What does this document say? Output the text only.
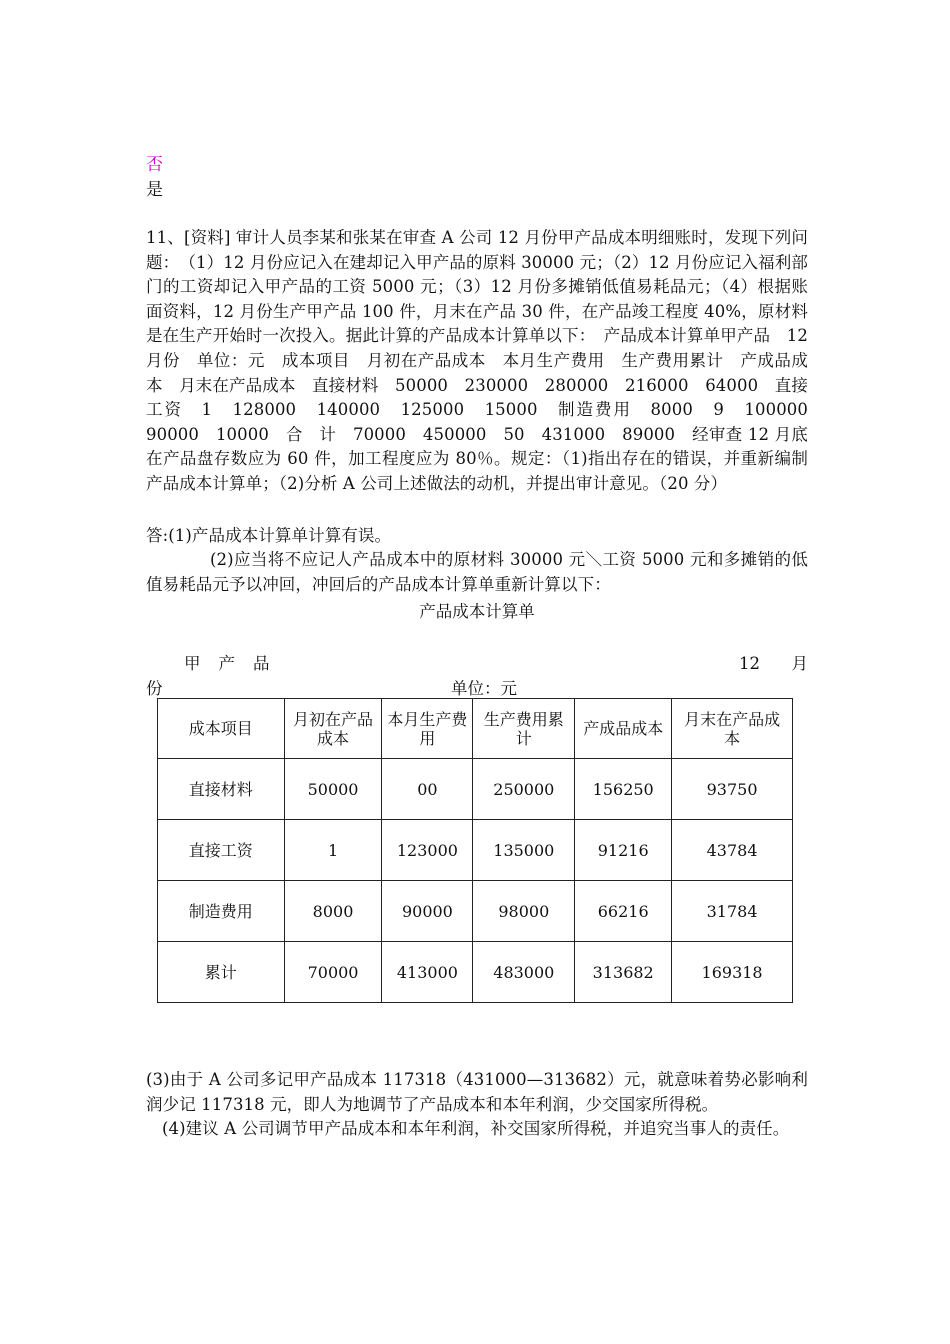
否
是
11、[资料] 审计人员李某和张某在审查 A 公司 12 月份甲产品成本明细账时，发现下列问题：　（1）12 月份应记入在建却记入甲产品的原料 30000 元；（2）12 月份应记入福利部门的工资却记入甲产品的工资 5000 元；（3）12 月份多摊销低值易耗品元；（4）根据账面资料，12 月份生产甲产品 100 件，月末在产品 30 件，在产品竣工程度 40%，原材料是在生产开始时一次投入。据此计算的产品成本计算单以下：　产品成本计算单甲产品　12 月份　单位：元　成本项目　月初在产品成本　本月生产费用　生产费用累计　产成品成本　月末在产品成本　直接材料　50000　230000　280000　216000　64000　直接工资　1　128000　140000　125000　15000　制造费用　8000　9　100000　90000　10000　合　计　70000　450000　50　431000　89000　经审查 12 月底在产品盘存数应为 60 件，加工程度应为 80％。规定：（1)指出存在的错误，并重新编制产品成本计算单；（2)分析 A 公司上述做法的动机，并提出审计意见。（20 分）
答:(1)产品成本计算单计算有误。
(2)应当将不应记人产品成本中的原材料 30000 元＼工资 5000 元和多摊销的低值易耗品元予以冲回，冲回后的产品成本计算单重新计算以下：
产品成本计算单
甲产品	12 月
份	单位：元
成本项目	月初在产品成本	本月生产费用	生产费用累计	产成品成本	月末在产品成本
直接材料	50000	00	250000	156250	93750
直接工资	1	123000	135000	91216	43784
制造费用	8000	90000	98000	66216	31784
累计	70000	413000	483000	313682	169318
(3)由于 A 公司多记甲产品成本 117318（431000—313682）元，就意味着势必影响利润少记 117318 元，即人为地调节了产品成本和本年利润，少交国家所得税。
(4)建议 A 公司调节甲产品成本和本年利润，补交国家所得税，并追究当事人的责任。
